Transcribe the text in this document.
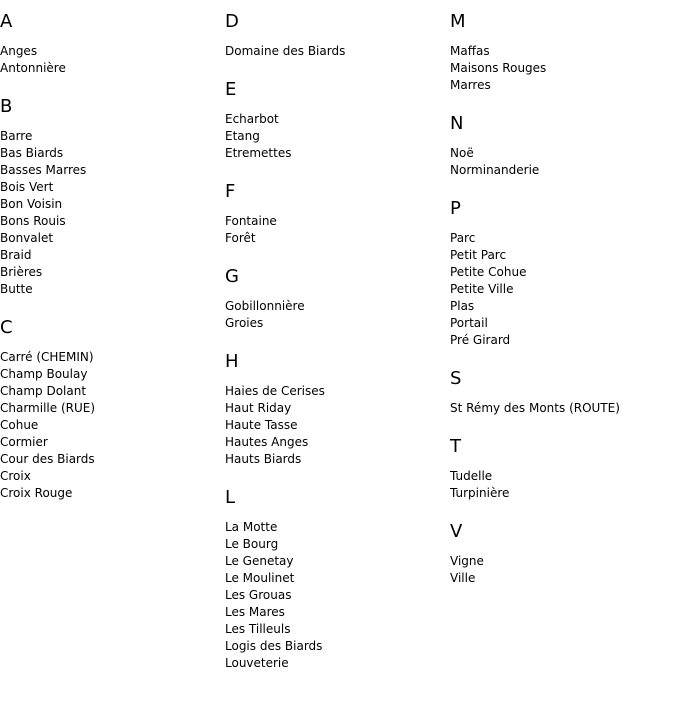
A
Anges
Antonnière
B
Barre
Bas Biards
Basses Marres
Bois Vert
Bon Voisin
Bons Rouis
Bonvalet
Braid
Brières
Butte
C
Carré (CHEMIN)
Champ Boulay
Champ Dolant
Charmille (RUE)
Cohue
Cormier
Cour des Biards
Croix
Croix Rouge
D
Domaine des Biards
E
Echarbot
Etang
Etremettes
F
Fontaine
Forêt
G
Gobillonnière
Groies
H
Haies de Cerises
Haut Riday
Haute Tasse
Hautes Anges
Hauts Biards
L
La Motte
Le Bourg
Le Genetay
Le Moulinet
Les Grouas
Les Mares
Les Tilleuls
Logis des Biards
Louveterie
M
Maffas
Maisons Rouges
Marres
N
Noë
Norminanderie
P
Parc
Petit Parc
Petite Cohue
Petite Ville
Plas
Portail
Pré Girard
S
St Rémy des Monts (ROUTE)
T
Tudelle
Turpinière
V
Vigne
Ville
